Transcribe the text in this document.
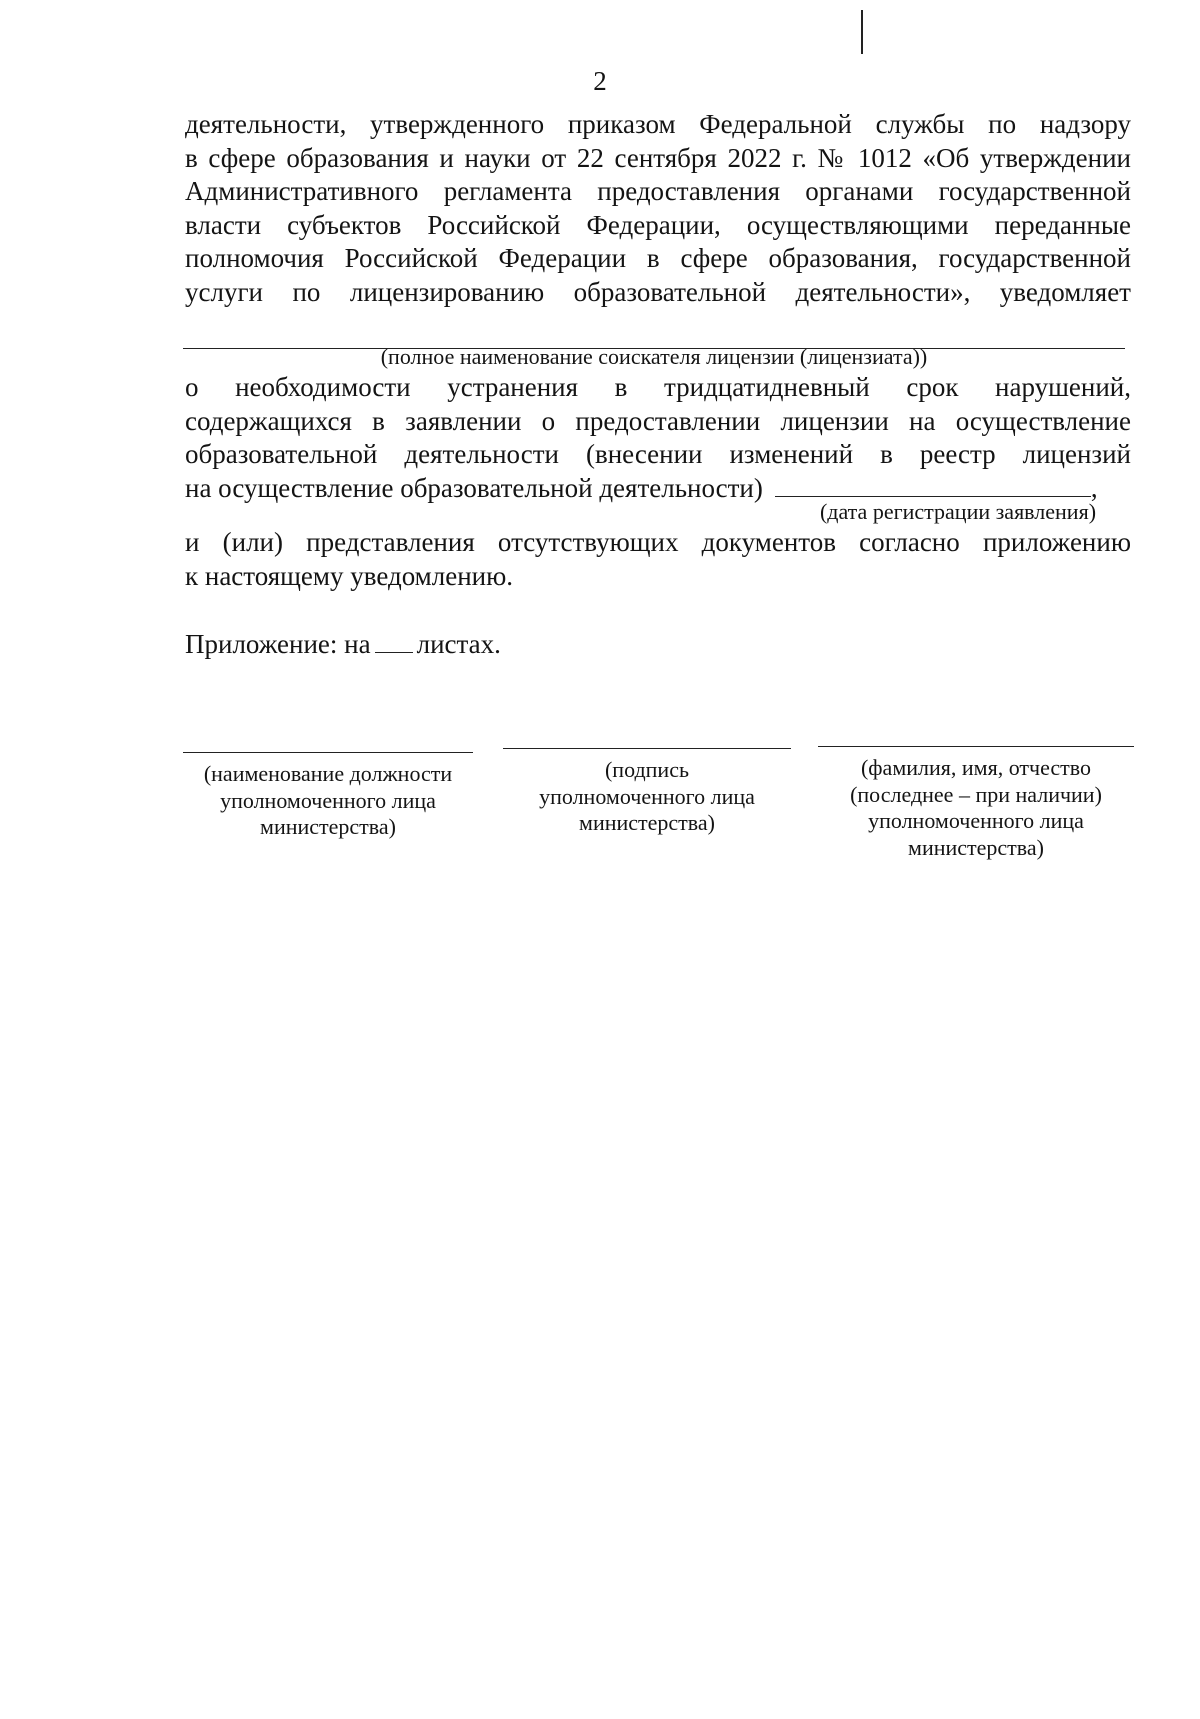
2

деятельности, утвержденного приказом Федеральной службы по надзору

в сфере образования и науки от 22 сентября 2022 г. № 1012 «Об утверждении

Административного регламента предоставления органами государственной

власти субъектов Российской Федерации, осуществляющими переданные

полномочия Российской Федерации в сфере образования, государственной

услуги по лицензированию образовательной деятельности», уведомляет

(полное наименование соискателя лицензии (лицензиата))

о необходимости устранения в тридцатидневный срок нарушений,

содержащихся в заявлении о предоставлении лицензии на осуществление

образовательной деятельности (внесении изменений в реестр лицензий

на осуществление образовательной деятельности)	,

(дата регистрации заявления)

и (или) представления отсутствующих документов согласно приложению

к настоящему уведомлению.

Приложение: на листах.

(наименование должности

уполномоченного лица

министерства)

(подпись

уполномоченного лица

министерства)

(фамилия, имя, отчество

(последнее – при наличии)

уполномоченного лица

министерства)
